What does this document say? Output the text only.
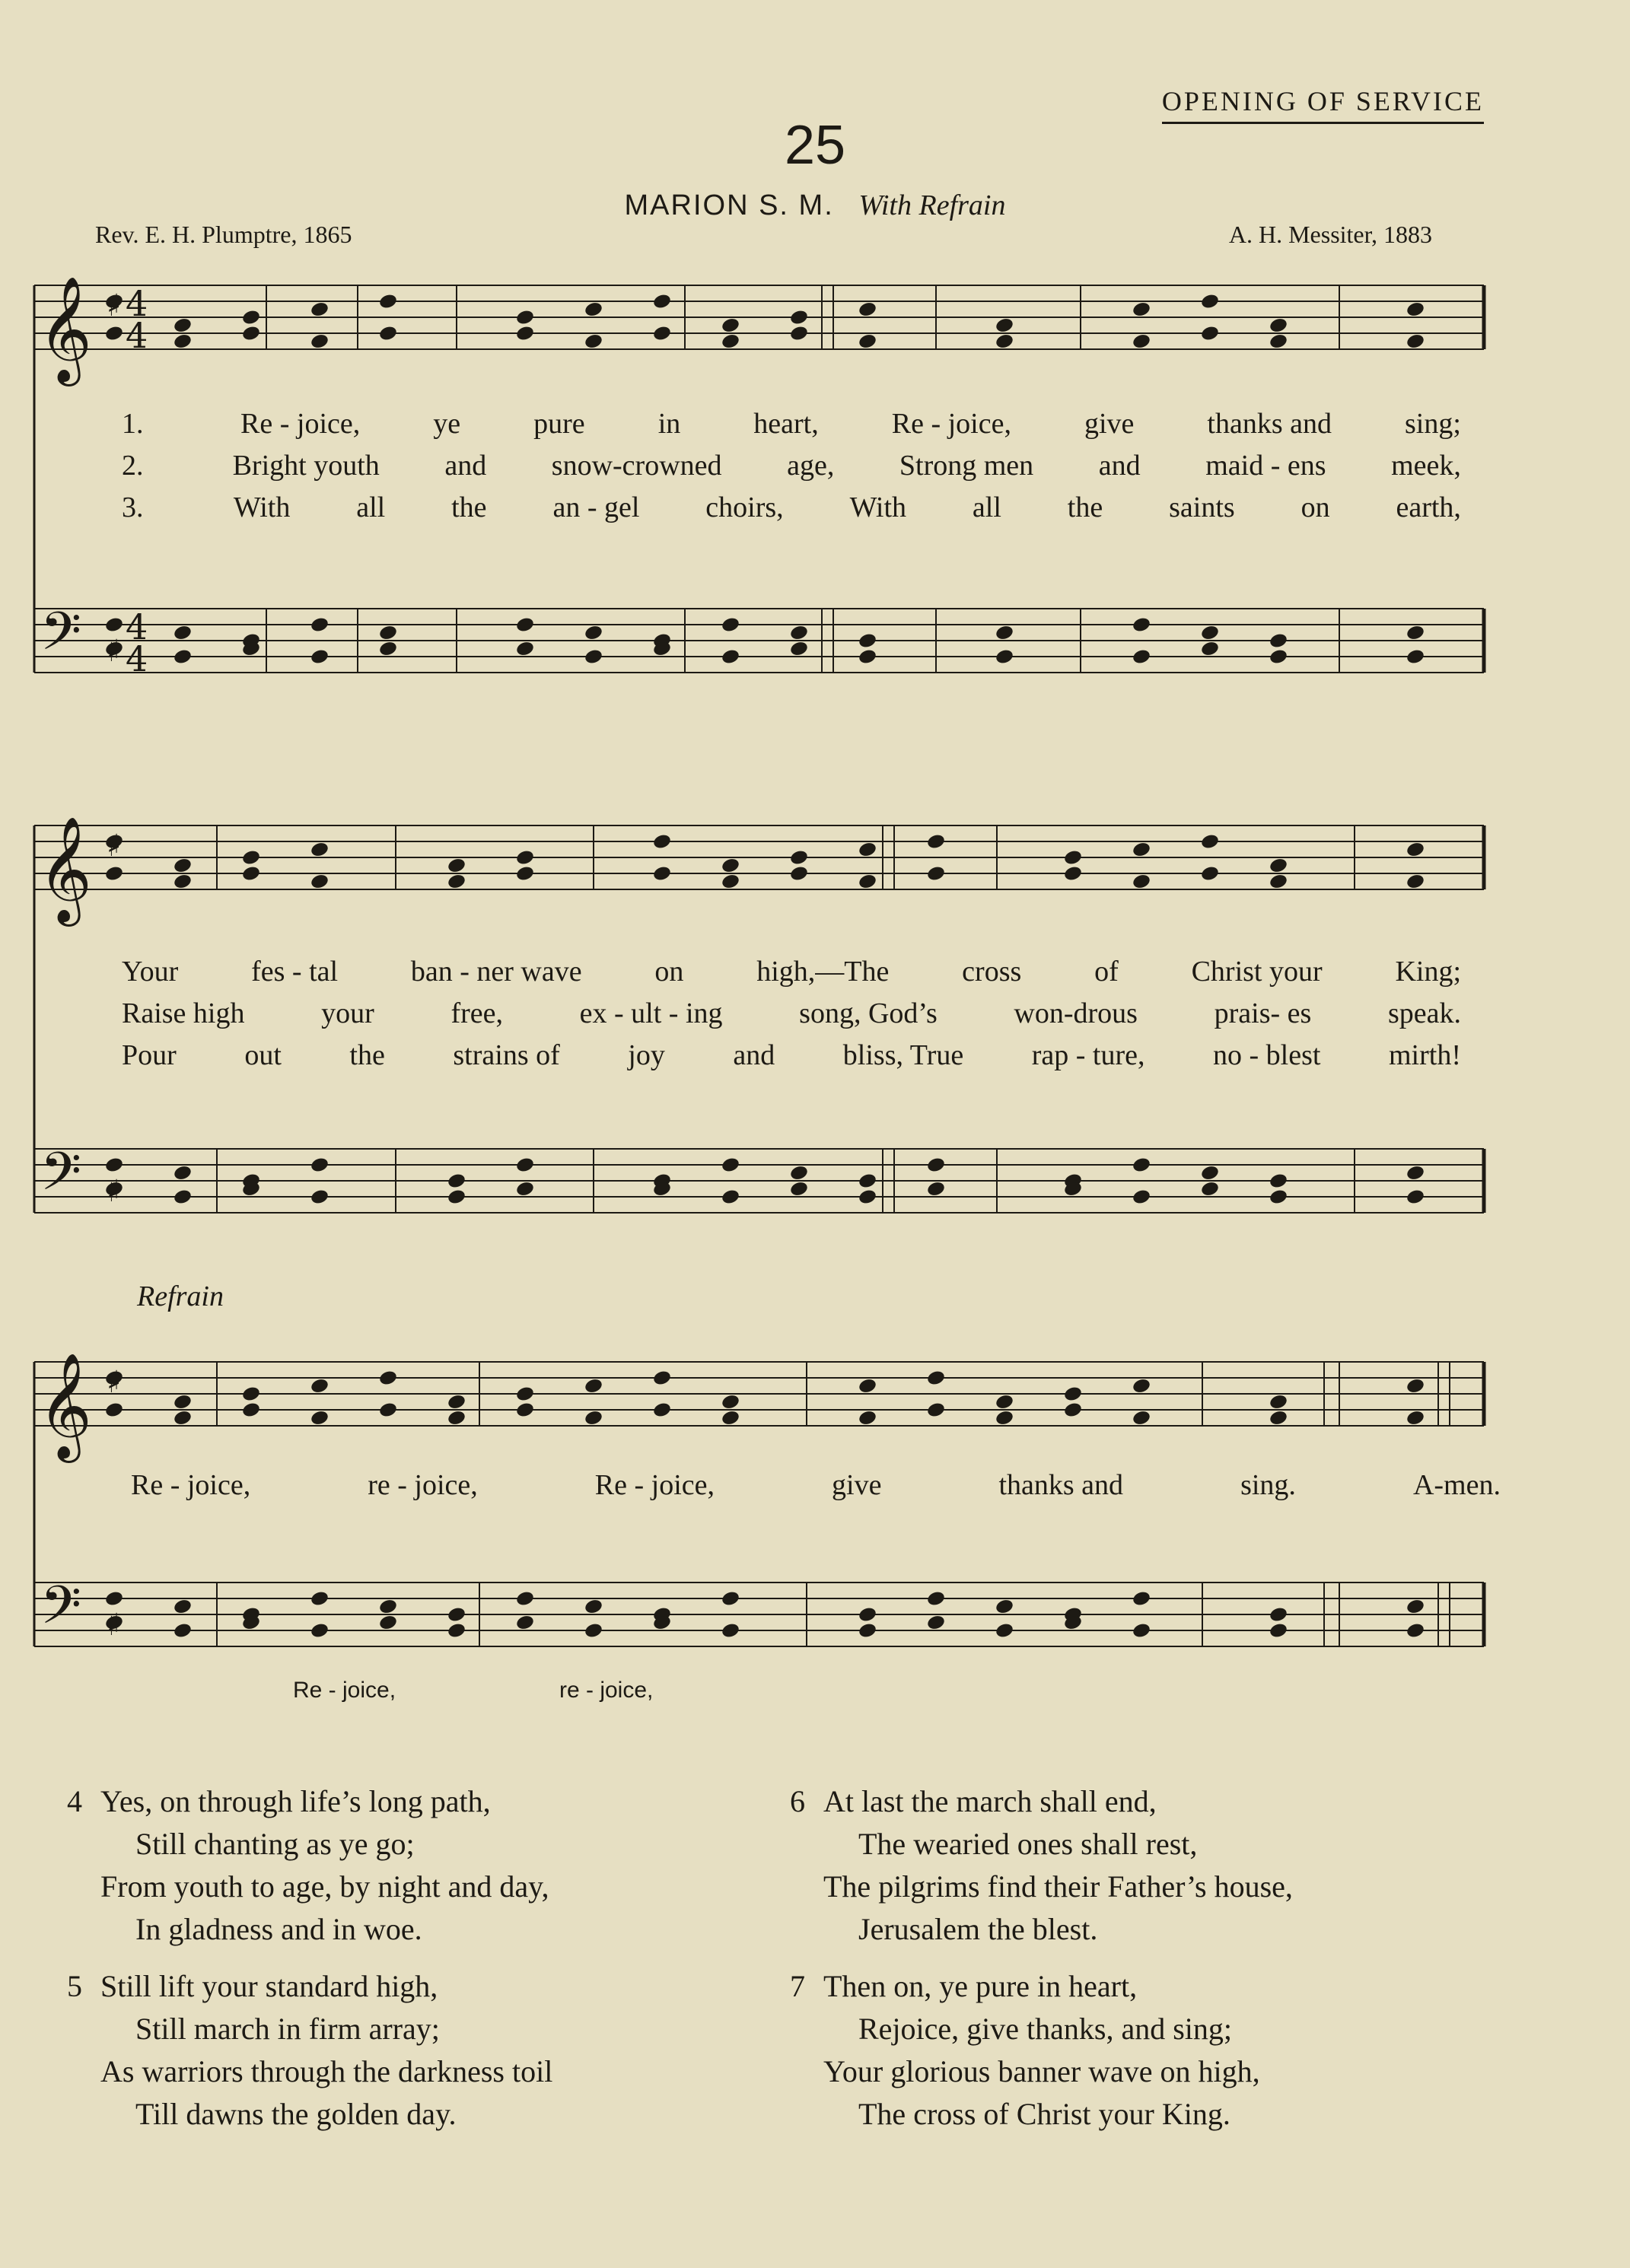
OPENING OF SERVICE
25
MARION S. M. With Refrain
Rev. E. H. Plumptre, 1865	A. H. Messiter, 1883
𝄞
𝄢
♯
♯
𝄞
𝄢
♯
♯
𝄞
𝄢
♯
♯
4
4
4
4
1.	Re - joice,	ye	pure	in	heart,	Re - joice,	give	thanks and	sing;
2.	Bright youth and snow-crowned age, Strong men and maid - ens meek,
3.	With all the an - gel choirs, With all the saints on earth,
Your	fes - tal	ban - ner wave	on	high,—The	cross	of	Christ your	King;
Raise high	your	free,	ex - ult - ing	song, God’s	won-drous	prais- es	speak.
Pour out the strains of joy and bliss, True rap - ture, no - blest mirth!
Refrain
Re - joice,	re - joice,	Re - joice,	give	thanks and	sing.	A-men.
Re - joice,	re - joice,
4 Yes, on through life’s long path,
Still chanting as ye go;
From youth to age, by night and day,
In gladness and in woe.
5 Still lift your standard high,
Still march in firm array;
As warriors through the darkness toil
Till dawns the golden day.
6 At last the march shall end,
The wearied ones shall rest,
The pilgrims find their Father’s house,
Jerusalem the blest.
7 Then on, ye pure in heart,
Rejoice, give thanks, and sing;
Your glorious banner wave on high,
The cross of Christ your King.
